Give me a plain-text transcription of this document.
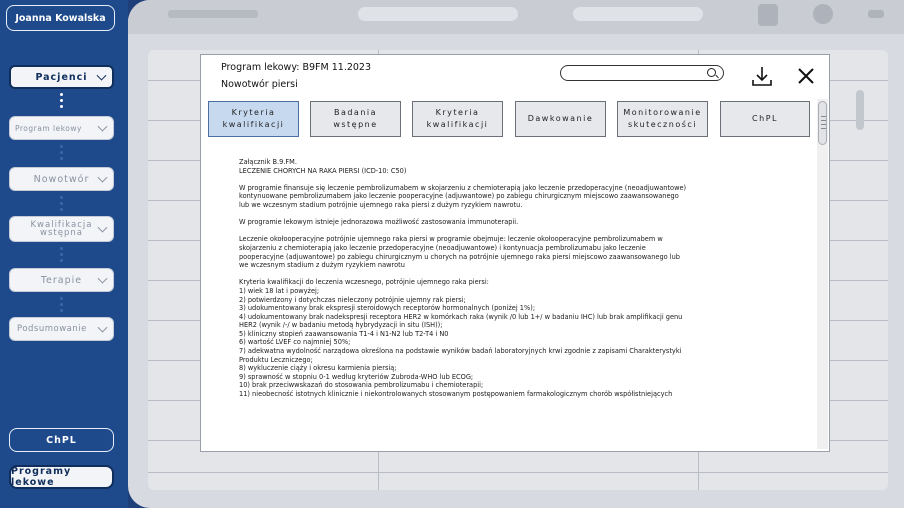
Joanna Kowalska
Pacjenci
Program lekowy
Nowotwór
Kwalifikacja
wstępna
Terapie
Podsumowanie
ChPL
Programy lekowe
Program lekowy: B9FM 11.2023
Nowotwór piersi
Kryteria
kwalifikacji
Badania
wstępne
Kryteria
kwalifikacji
Dawkowanie
Monitorowanie
skuteczności
ChPL

Załącznik B.9.FM.
LECZENIE CHORYCH NA RAKA PIERSI (ICD-10: C50)

W programie finansuje się leczenie pembrolizumabem w skojarzeniu z chemioterapią jako leczenie przedoperacyjne (neoadjuwantowe)
kontynuowane pembrolizumabem jako leczenie pooperacyjne (adjuwantowe) po zabiegu chirurgicznym miejscowo zaawansowanego
lub we wczesnym stadium potrójnie ujemnego raka piersi z dużym ryzykiem nawrotu.

W programie lekowym istnieje jednorazowa możliwość zastosowania immunoterapii.

Leczenie okołooperacyjne potrójnie ujemnego raka piersi w programie obejmuje: leczenie okołooperacyjne pembrolizumabem w
skojarzeniu z chemioterapią jako leczenie przedoperacyjne (neoadjuwantowe) i kontynuacja pembrolizumabu jako leczenie
pooperacyjne (adjuwantowe) po zabiegu chirurgicznym u chorych na potrójnie ujemnego raka piersi miejscowo zaawansowanego lub
we wczesnym stadium z dużym ryzykiem nawrotu

Kryteria kwalifikacji do leczenia wczesnego, potrójnie ujemnego raka piersi:
1) wiek 18 lat i powyżej;
2) potwierdzony i dotychczas nieleczony potrójnie ujemny rak piersi;
3) udokumentowany brak ekspresji steroidowych receptorów hormonalnych (poniżej 1%);
4) udokumentowany brak nadekspresji receptora HER2 w komórkach raka (wynik /0 lub 1+/ w badaniu IHC) lub brak amplifikacji genu
HER2 (wynik /-/ w badaniu metodą hybrydyzacji in situ (ISH));
5) kliniczny stopień zaawansowania T1-4 i N1-N2 lub T2-T4 i N0
6) wartość LVEF co najmniej 50%;
7) adekwatna wydolność narządowa określona na podstawie wyników badań laboratoryjnych krwi zgodnie z zapisami Charakterystyki
Produktu Leczniczego;
8) wykluczenie ciąży i okresu karmienia piersią;
9) sprawność w stopniu 0-1 według kryteriów Zubroda-WHO lub ECOG;
10) brak przeciwwskazań do stosowania pembrolizumabu i chemioterapii;
11) nieobecność istotnych klinicznie i niekontrolowanych stosowanym postępowaniem farmakologicznym chorób współistniejących
